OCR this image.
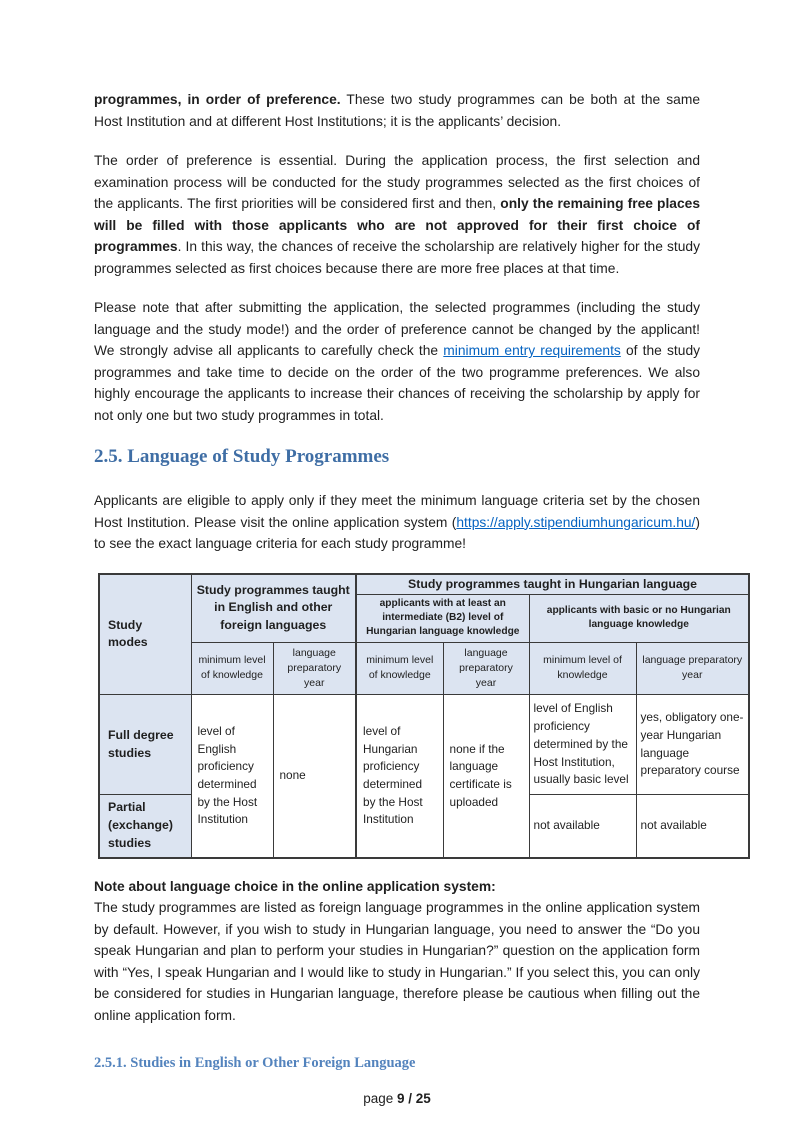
programmes, in order of preference. These two study programmes can be both at the same Host Institution and at different Host Institutions; it is the applicants’ decision.

The order of preference is essential. During the application process, the first selection and examination process will be conducted for the study programmes selected as the first choices of the applicants. The first priorities will be considered first and then, only the remaining free places will be filled with those applicants who are not approved for their first choice of programmes. In this way, the chances of receive the scholarship are relatively higher for the study programmes selected as first choices because there are more free places at that time.

Please note that after submitting the application, the selected programmes (including the study language and the study mode!) and the order of preference cannot be changed by the applicant! We strongly advise all applicants to carefully check the minimum entry requirements of the study programmes and take time to decide on the order of the two programme preferences. We also highly encourage the applicants to increase their chances of receiving the scholarship by apply for not only one but two study programmes in total.

2.5. Language of Study Programmes

Applicants are eligible to apply only if they meet the minimum language criteria set by the chosen Host Institution. Please visit the online application system (https://apply.stipendiumhungaricum.hu/) to see the exact language criteria for each study programme!

Study modes	Study programmes taught in English and other foreign languages		Study programmes taught in Hungarian language			
			applicants with at least an intermediate (B2) level of Hungarian language knowledge		applicants with basic or no Hungarian language knowledge	
	minimum level of knowledge	language preparatory year	minimum level of knowledge	language preparatory year	minimum level of knowledge	language preparatory year
Full degree studies	level of English proficiency determined by the Host Institution	none	level of Hungarian proficiency determined by the Host Institution	none if the language certificate is uploaded	level of English proficiency determined by the Host Institution, usually basic level	yes, obligatory one-year Hungarian language preparatory course
Partial (exchange) studies					not available	not available
Note about language choice in the online application system:
The study programmes are listed as foreign language programmes in the online application system by default. However, if you wish to study in Hungarian language, you need to answer the “Do you speak Hungarian and plan to perform your studies in Hungarian?” question on the application form with “Yes, I speak Hungarian and I would like to study in Hungarian.” If you select this, you can only be considered for studies in Hungarian language, therefore please be cautious when filling out the online application form.
2.5.1. Studies in English or Other Foreign Language
page 9 / 25
